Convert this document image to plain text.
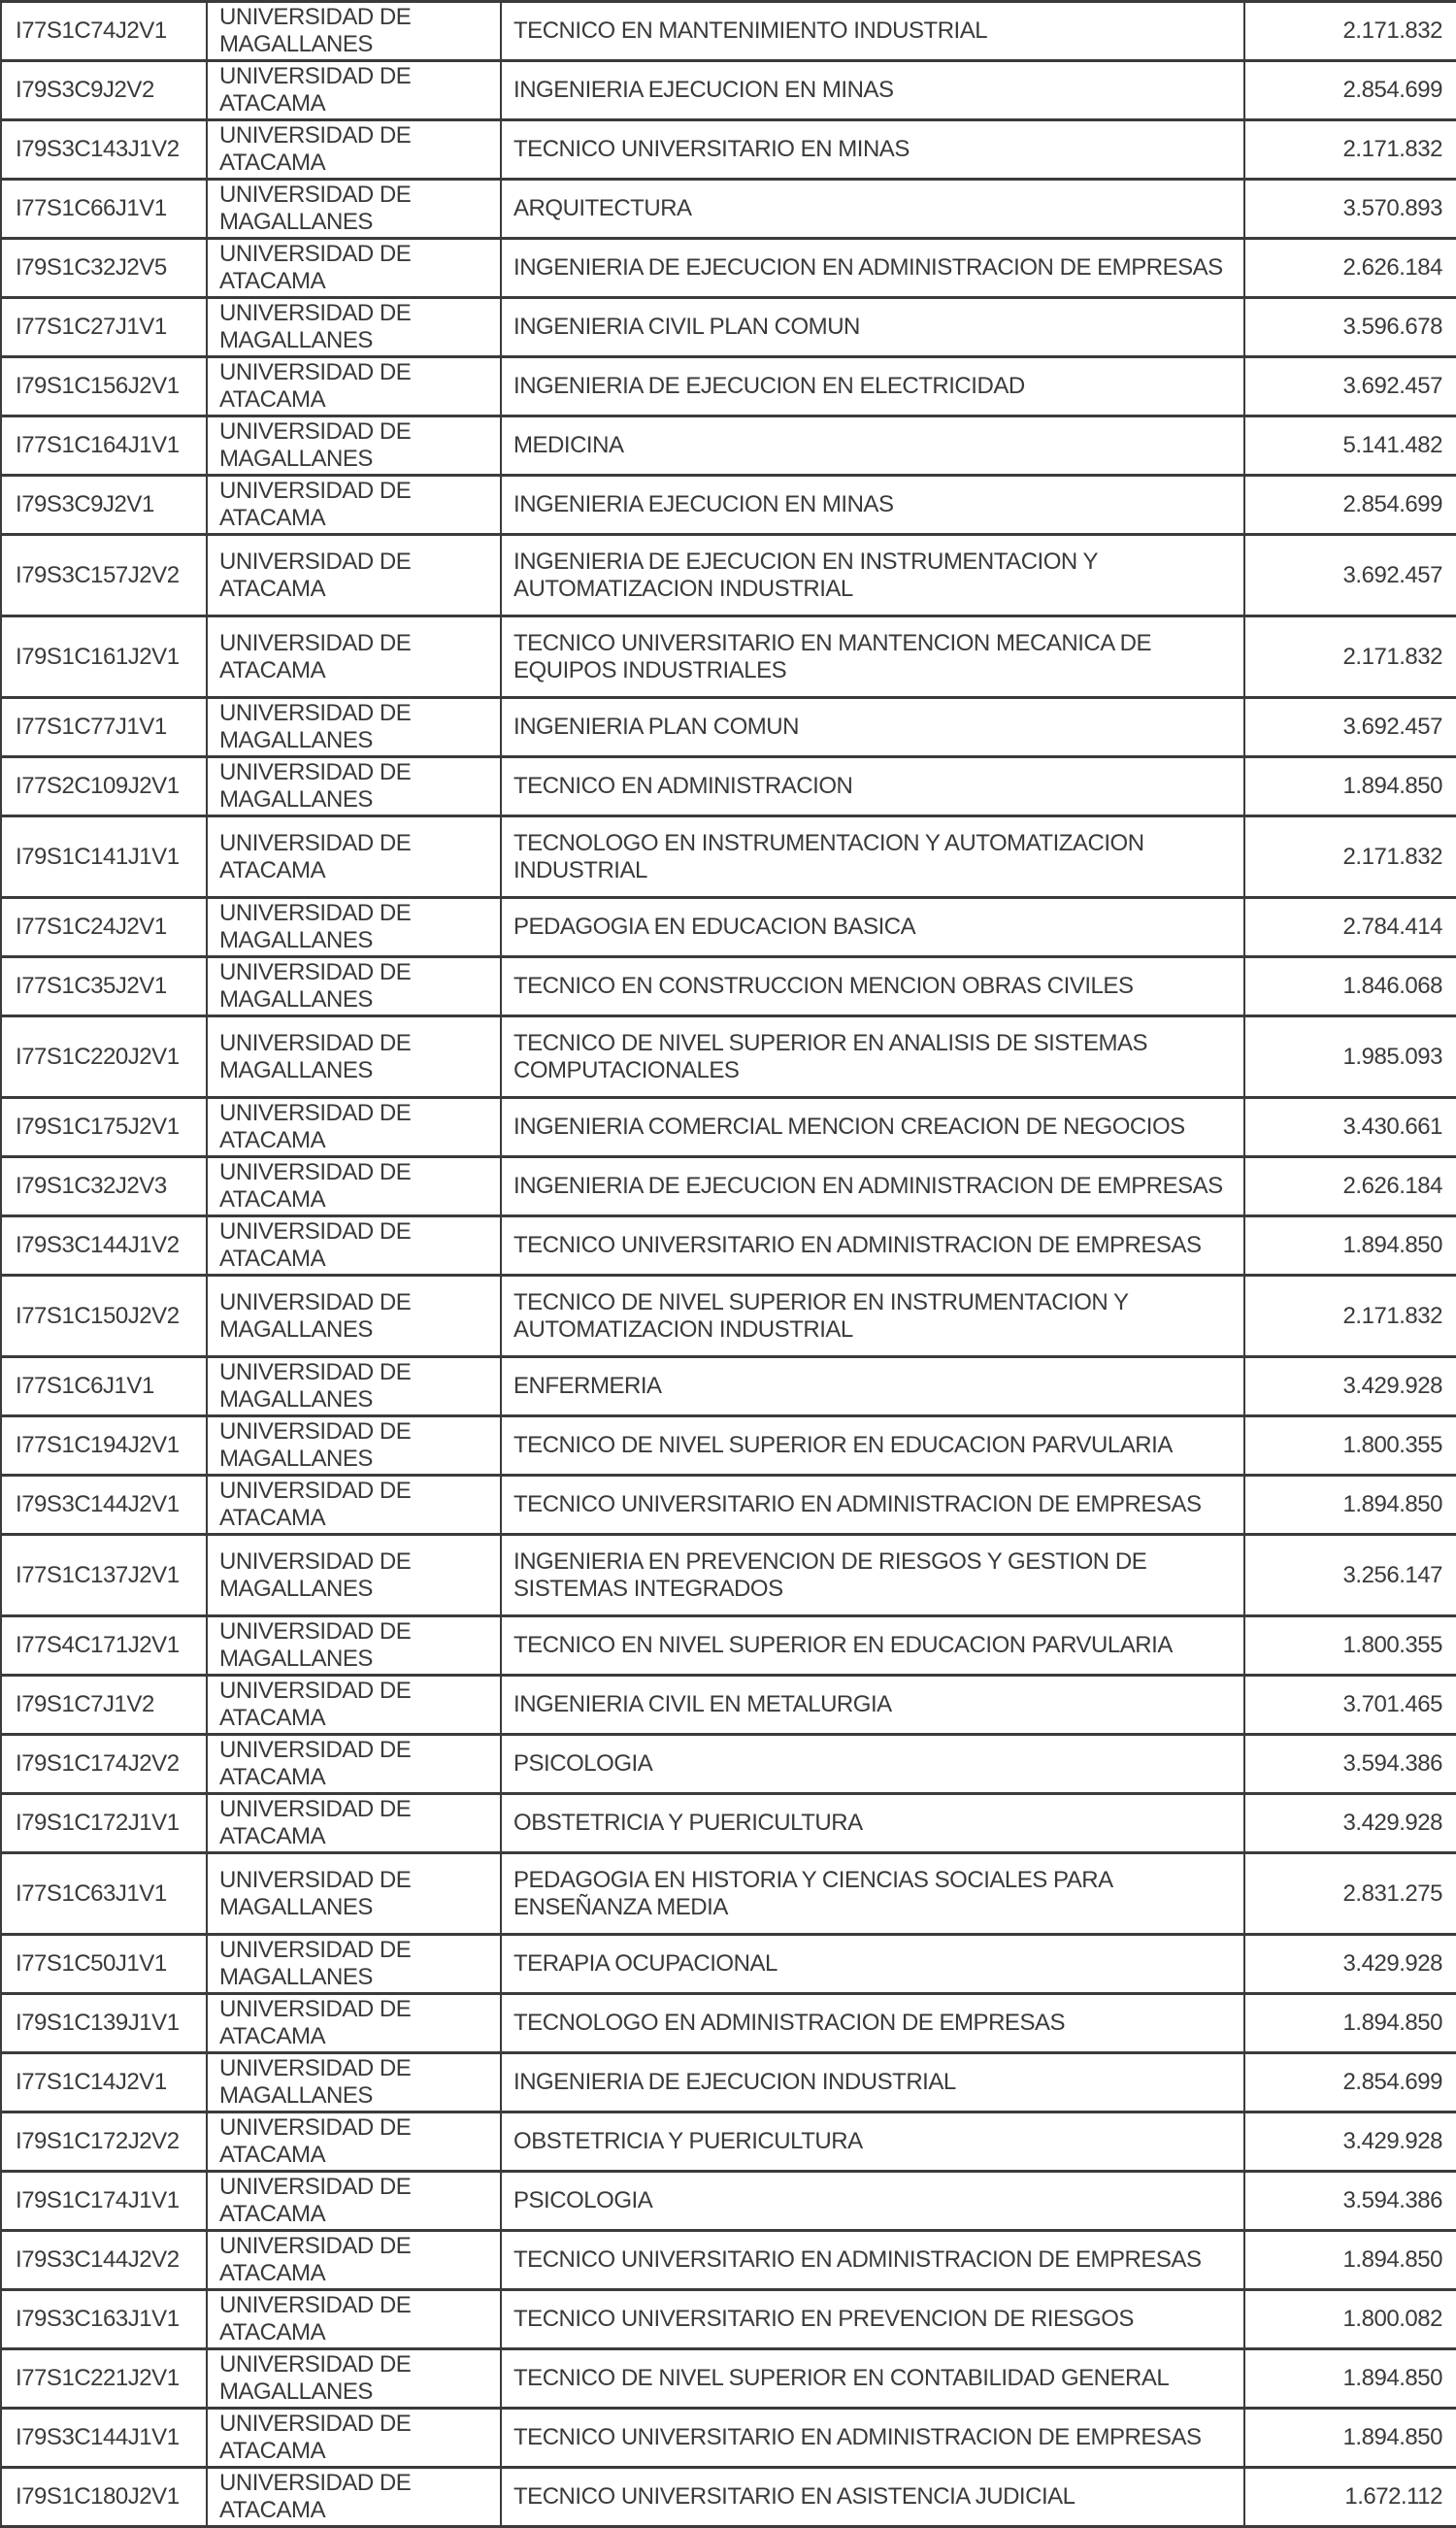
I77S1C74J2V1	UNIVERSIDAD DE MAGALLANES	TECNICO EN MANTENIMIENTO INDUSTRIAL	2.171.832
I79S3C9J2V2	UNIVERSIDAD DE ATACAMA	INGENIERIA EJECUCION EN MINAS	2.854.699
I79S3C143J1V2	UNIVERSIDAD DE ATACAMA	TECNICO UNIVERSITARIO EN MINAS	2.171.832
I77S1C66J1V1	UNIVERSIDAD DE MAGALLANES	ARQUITECTURA	3.570.893
I79S1C32J2V5	UNIVERSIDAD DE ATACAMA	INGENIERIA DE EJECUCION EN ADMINISTRACION DE EMPRESAS	2.626.184
I77S1C27J1V1	UNIVERSIDAD DE MAGALLANES	INGENIERIA CIVIL PLAN COMUN	3.596.678
I79S1C156J2V1	UNIVERSIDAD DE ATACAMA	INGENIERIA DE EJECUCION EN ELECTRICIDAD	3.692.457
I77S1C164J1V1	UNIVERSIDAD DE MAGALLANES	MEDICINA	5.141.482
I79S3C9J2V1	UNIVERSIDAD DE ATACAMA	INGENIERIA EJECUCION EN MINAS	2.854.699
I79S3C157J2V2	UNIVERSIDAD DE ATACAMA	INGENIERIA DE EJECUCION EN INSTRUMENTACION Y AUTOMATIZACION INDUSTRIAL	3.692.457
I79S1C161J2V1	UNIVERSIDAD DE ATACAMA	TECNICO UNIVERSITARIO EN MANTENCION MECANICA DE EQUIPOS INDUSTRIALES	2.171.832
I77S1C77J1V1	UNIVERSIDAD DE MAGALLANES	INGENIERIA PLAN COMUN	3.692.457
I77S2C109J2V1	UNIVERSIDAD DE MAGALLANES	TECNICO EN ADMINISTRACION	1.894.850
I79S1C141J1V1	UNIVERSIDAD DE ATACAMA	TECNOLOGO EN INSTRUMENTACION Y AUTOMATIZACION INDUSTRIAL	2.171.832
I77S1C24J2V1	UNIVERSIDAD DE MAGALLANES	PEDAGOGIA EN EDUCACION BASICA	2.784.414
I77S1C35J2V1	UNIVERSIDAD DE MAGALLANES	TECNICO EN CONSTRUCCION MENCION OBRAS CIVILES	1.846.068
I77S1C220J2V1	UNIVERSIDAD DE MAGALLANES	TECNICO DE NIVEL SUPERIOR EN ANALISIS DE SISTEMAS COMPUTACIONALES	1.985.093
I79S1C175J2V1	UNIVERSIDAD DE ATACAMA	INGENIERIA COMERCIAL MENCION CREACION DE NEGOCIOS	3.430.661
I79S1C32J2V3	UNIVERSIDAD DE ATACAMA	INGENIERIA DE EJECUCION EN ADMINISTRACION DE EMPRESAS	2.626.184
I79S3C144J1V2	UNIVERSIDAD DE ATACAMA	TECNICO UNIVERSITARIO EN ADMINISTRACION DE EMPRESAS	1.894.850
I77S1C150J2V2	UNIVERSIDAD DE MAGALLANES	TECNICO DE NIVEL SUPERIOR EN INSTRUMENTACION Y AUTOMATIZACION INDUSTRIAL	2.171.832
I77S1C6J1V1	UNIVERSIDAD DE MAGALLANES	ENFERMERIA	3.429.928
I77S1C194J2V1	UNIVERSIDAD DE MAGALLANES	TECNICO DE NIVEL SUPERIOR EN EDUCACION PARVULARIA	1.800.355
I79S3C144J2V1	UNIVERSIDAD DE ATACAMA	TECNICO UNIVERSITARIO EN ADMINISTRACION DE EMPRESAS	1.894.850
I77S1C137J2V1	UNIVERSIDAD DE MAGALLANES	INGENIERIA EN PREVENCION DE RIESGOS Y GESTION DE SISTEMAS INTEGRADOS	3.256.147
I77S4C171J2V1	UNIVERSIDAD DE MAGALLANES	TECNICO EN NIVEL SUPERIOR EN EDUCACION PARVULARIA	1.800.355
I79S1C7J1V2	UNIVERSIDAD DE ATACAMA	INGENIERIA CIVIL EN METALURGIA	3.701.465
I79S1C174J2V2	UNIVERSIDAD DE ATACAMA	PSICOLOGIA	3.594.386
I79S1C172J1V1	UNIVERSIDAD DE ATACAMA	OBSTETRICIA Y PUERICULTURA	3.429.928
I77S1C63J1V1	UNIVERSIDAD DE MAGALLANES	PEDAGOGIA EN HISTORIA Y CIENCIAS SOCIALES PARA ENSEÑANZA MEDIA	2.831.275
I77S1C50J1V1	UNIVERSIDAD DE MAGALLANES	TERAPIA OCUPACIONAL	3.429.928
I79S1C139J1V1	UNIVERSIDAD DE ATACAMA	TECNOLOGO EN ADMINISTRACION DE EMPRESAS	1.894.850
I77S1C14J2V1	UNIVERSIDAD DE MAGALLANES	INGENIERIA DE EJECUCION INDUSTRIAL	2.854.699
I79S1C172J2V2	UNIVERSIDAD DE ATACAMA	OBSTETRICIA Y PUERICULTURA	3.429.928
I79S1C174J1V1	UNIVERSIDAD DE ATACAMA	PSICOLOGIA	3.594.386
I79S3C144J2V2	UNIVERSIDAD DE ATACAMA	TECNICO UNIVERSITARIO EN ADMINISTRACION DE EMPRESAS	1.894.850
I79S3C163J1V1	UNIVERSIDAD DE ATACAMA	TECNICO UNIVERSITARIO EN PREVENCION DE RIESGOS	1.800.082
I77S1C221J2V1	UNIVERSIDAD DE MAGALLANES	TECNICO DE NIVEL SUPERIOR EN CONTABILIDAD GENERAL	1.894.850
I79S3C144J1V1	UNIVERSIDAD DE ATACAMA	TECNICO UNIVERSITARIO EN ADMINISTRACION DE EMPRESAS	1.894.850
I79S1C180J2V1	UNIVERSIDAD DE ATACAMA	TECNICO UNIVERSITARIO EN ASISTENCIA JUDICIAL	1.672.112
